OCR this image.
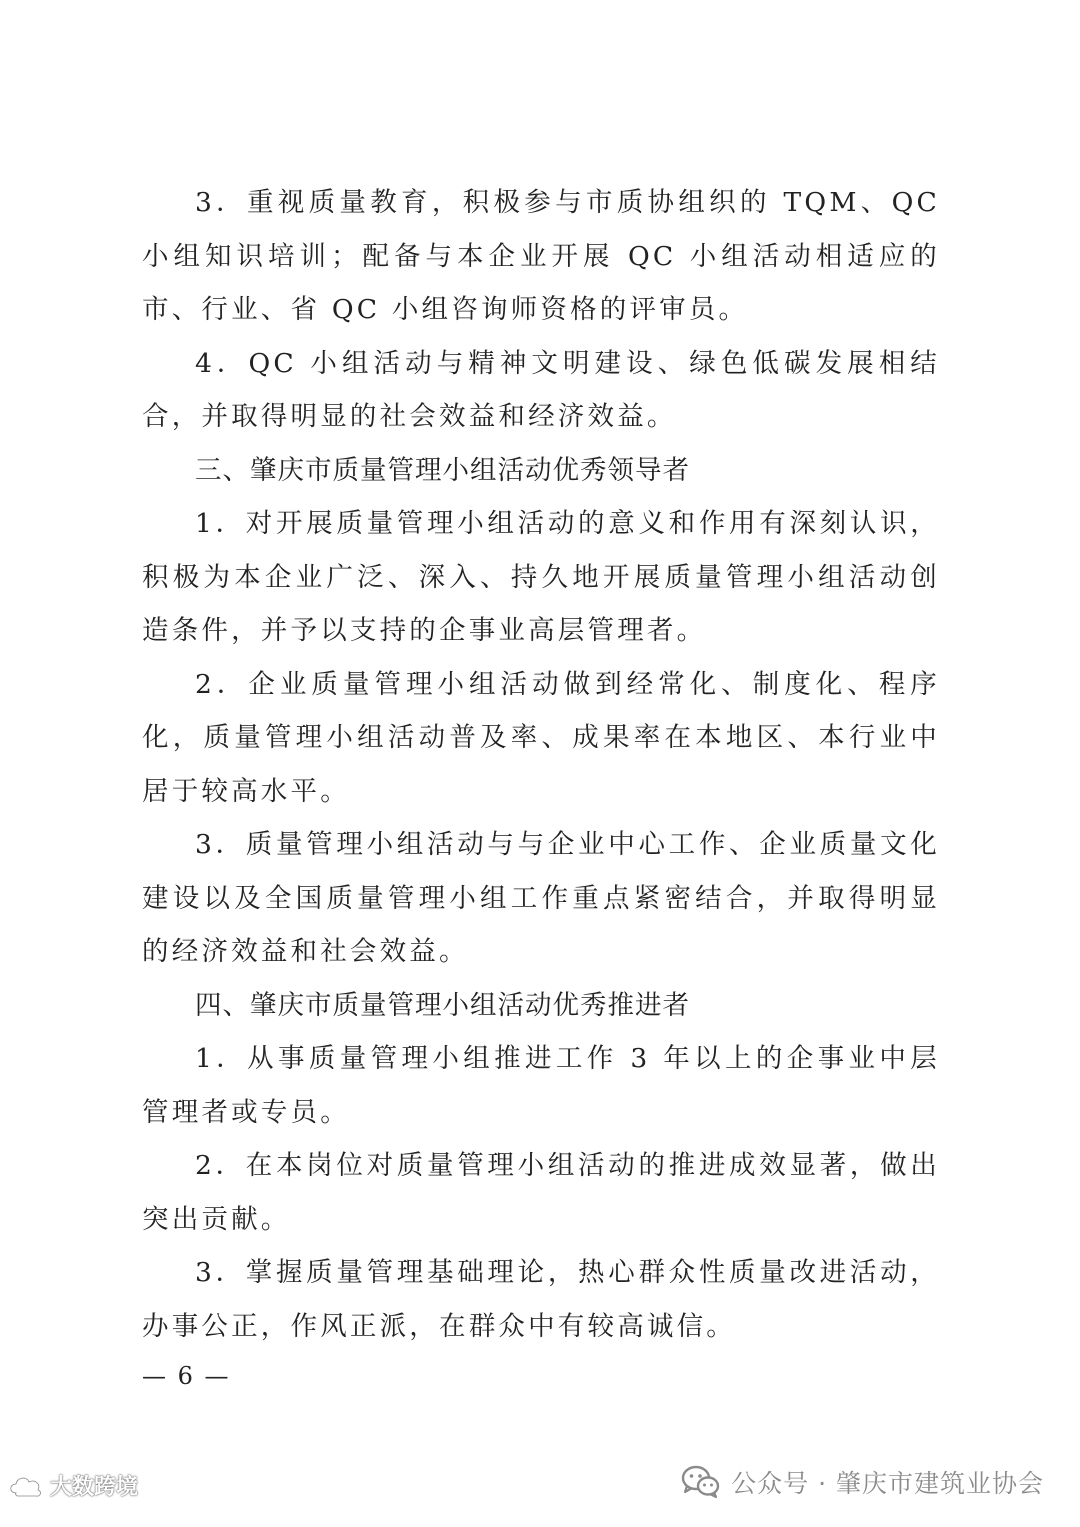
3．重视质量教育，积极参与市质协组织的 TQM、QC 小组知识培训；配备与本企业开展 QC 小组活动相适应的市、行业、省 QC 小组咨询师资格的评审员。

4．QC 小组活动与精神文明建设、绿色低碳发展相结合，并取得明显的社会效益和经济效益。

三、肇庆市质量管理小组活动优秀领导者

1．对开展质量管理小组活动的意义和作用有深刻认识，积极为本企业广泛、深入、持久地开展质量管理小组活动创造条件，并予以支持的企事业高层管理者。

2．企业质量管理小组活动做到经常化、制度化、程序化，质量管理小组活动普及率、成果率在本地区、本行业中居于较高水平。

3．质量管理小组活动与与企业中心工作、企业质量文化建设以及全国质量管理小组工作重点紧密结合，并取得明显的经济效益和社会效益。

四、肇庆市质量管理小组活动优秀推进者

1．从事质量管理小组推进工作 3 年以上的企事业中层管理者或专员。

2．在本岗位对质量管理小组活动的推进成效显著，做出突出贡献。

3．掌握质量管理基础理论，热心群众性质量改进活动，办事公正，作风正派，在群众中有较高诚信。

— 6 —
大数跨境	公众号 · 肇庆市建筑业协会
